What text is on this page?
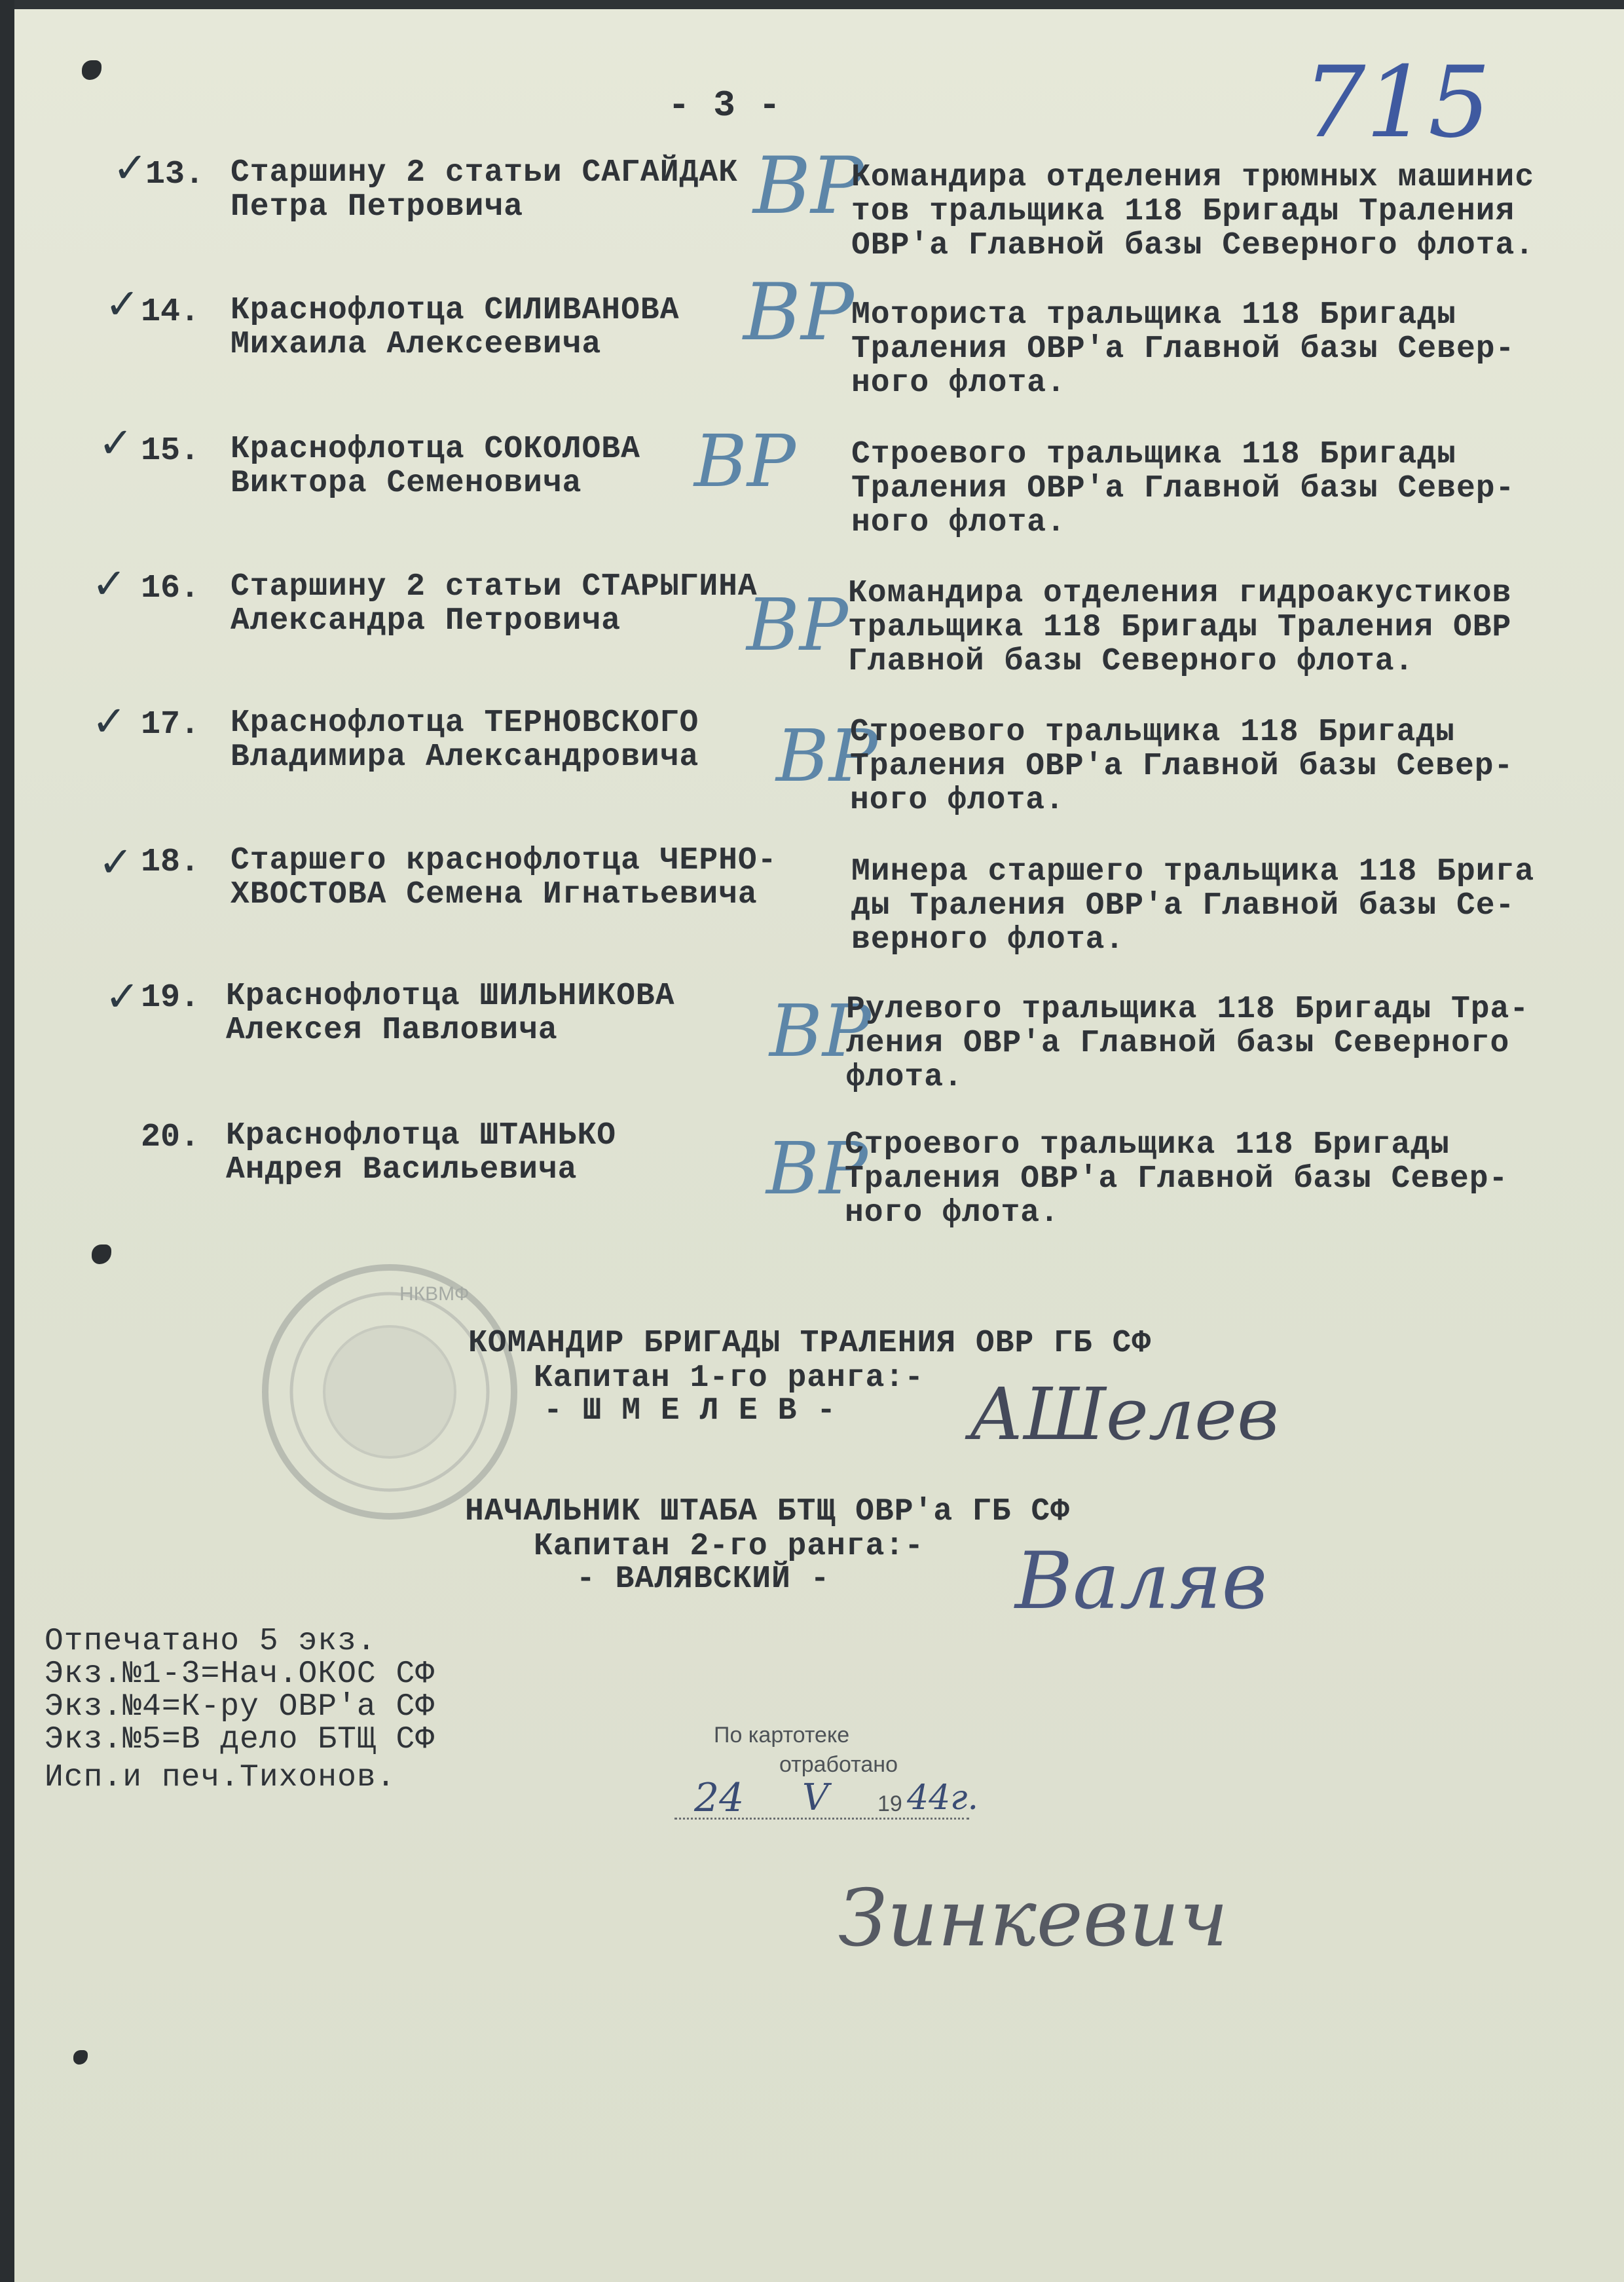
- 3 -	715
✓
13. Старшину 2 статьи САГАЙДАК
Петра Петровича	ВР
Командира отделения трюмных машинис
тов тральщика 118 Бригады Траления
ОВР'а Главной базы Северного флота.
✓ 14. Краснофлотца СИЛИВАНОВА
Михаила Алексеевича	ВР
Моториста тральщика 118 Бригады
Траления ОВР'а Главной базы Север-
ного флота.
✓ 15. Краснофлотца СОКОЛОВА
Виктора Семеновича	ВР Строевого тральщика 118 Бригады
Траления ОВР'а Главной базы Север-
ного флота.
✓ 16. Старшину 2 статьи СТАРЫГИНА
Александра Петровича	ВР Командира отделения гидроакустиков
тральщика 118 Бригады Траления ОВР
Главной базы Северного флота.
✓ 17. Краснофлотца ТЕРНОВСКОГО
Владимира Александровича ВР
Строевого тральщика 118 Бригады
Траления ОВР'а Главной базы Север-
ного флота.
✓ 18. Старшего краснофлотца ЧЕРНО-
ХВОСТОВА Семена Игнатьевича
Минера старшего тральщика 118 Брига
ды Траления ОВР'а Главной базы Се-
верного флота.
✓ 19. Краснофлотца ШИЛЬНИКОВА
Алексея Павловича	ВР
Рулевого тральщика 118 Бригады Тра-
ления ОВР'а Главной базы Северного
флота.
20. Краснофлотца ШТАНЬКО
Андрея Васильевича	ВР
Строевого тральщика 118 Бригады
Траления ОВР'а Главной базы Север-
ного флота.
НКВМФ
КОМАНДИР БРИГАДЫ ТРАЛЕНИЯ ОВР ГБ СФ
Капитан 1-го ранга:-
- Ш М Е Л Е В - АШелев
НАЧАЛЬНИК ШТАБА БТЩ ОВР'а ГБ СФ
Капитан 2-го ранга:-
- ВАЛЯВСКИЙ - Валяв
Отпечатано 5 экз.
Экз.№1-3=Нач.ОКОС СФ
Экз.№4=К-ру ОВР'а СФ
Экз.№5=В дело БТЩ СФ
Исп.и печ.Тихонов.
По картотеке
отработано
24 V 19 44г.
Зинкевич
